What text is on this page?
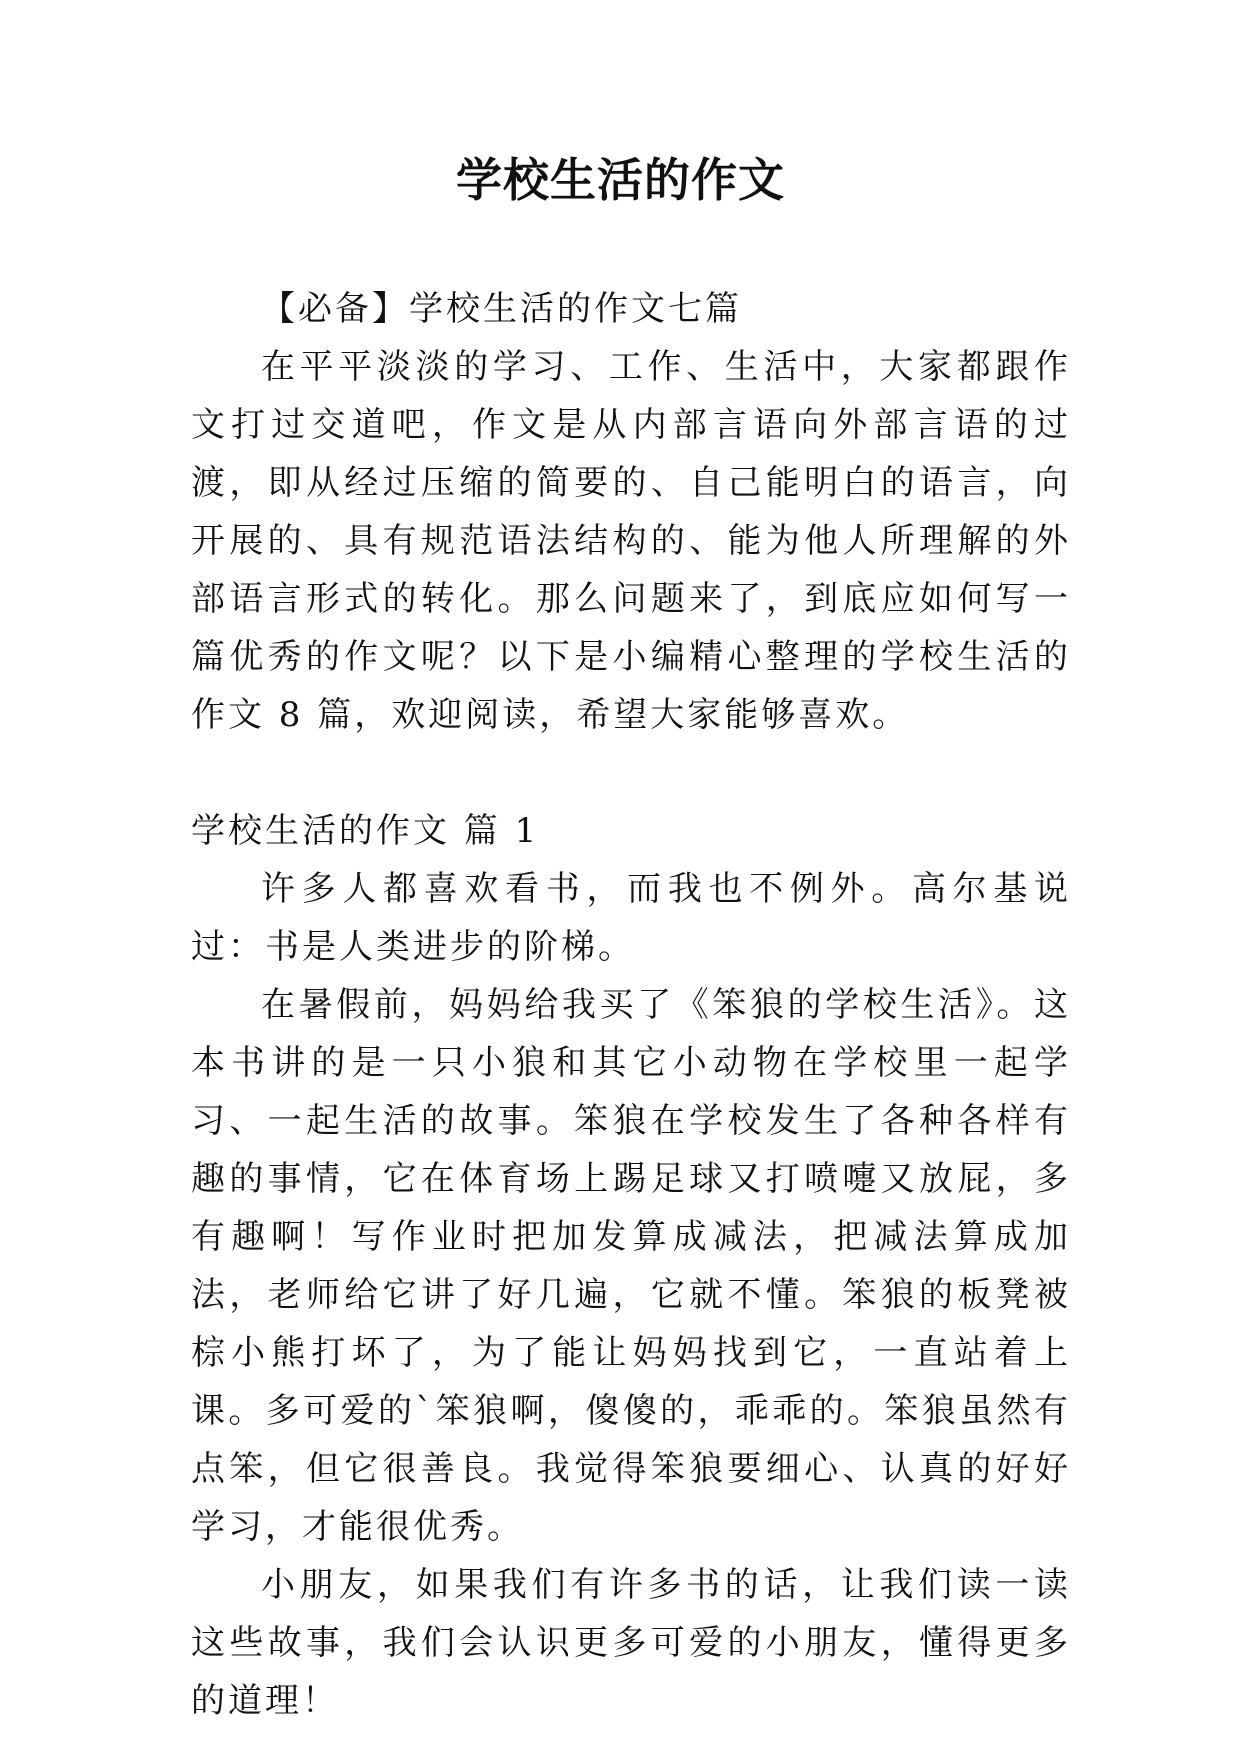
学校生活的作文

【必备】学校生活的作文七篇

在平平淡淡的学习、工作、生活中，大家都跟作文打过交道吧，作文是从内部言语向外部言语的过渡，即从经过压缩的简要的、自己能明白的语言，向开展的、具有规范语法结构的、能为他人所理解的外部语言形式的转化。那么问题来了，到底应如何写一篇优秀的作文呢？以下是小编精心整理的学校生活的作文 8 篇，欢迎阅读，希望大家能够喜欢。

学校生活的作文 篇 1

许多人都喜欢看书，而我也不例外。高尔基说过：书是人类进步的阶梯。

在暑假前，妈妈给我买了《笨狼的学校生活》。这本书讲的是一只小狼和其它小动物在学校里一起学习、一起生活的故事。笨狼在学校发生了各种各样有趣的事情，它在体育场上踢足球又打喷嚏又放屁，多有趣啊！写作业时把加发算成减法，把减法算成加法，老师给它讲了好几遍，它就不懂。笨狼的板凳被棕小熊打坏了，为了能让妈妈找到它，一直站着上课。多可爱的`笨狼啊，傻傻的，乖乖的。笨狼虽然有点笨，但它很善良。我觉得笨狼要细心、认真的好好学习，才能很优秀。

小朋友，如果我们有许多书的话，让我们读一读这些故事，我们会认识更多可爱的小朋友，懂得更多的道理！
